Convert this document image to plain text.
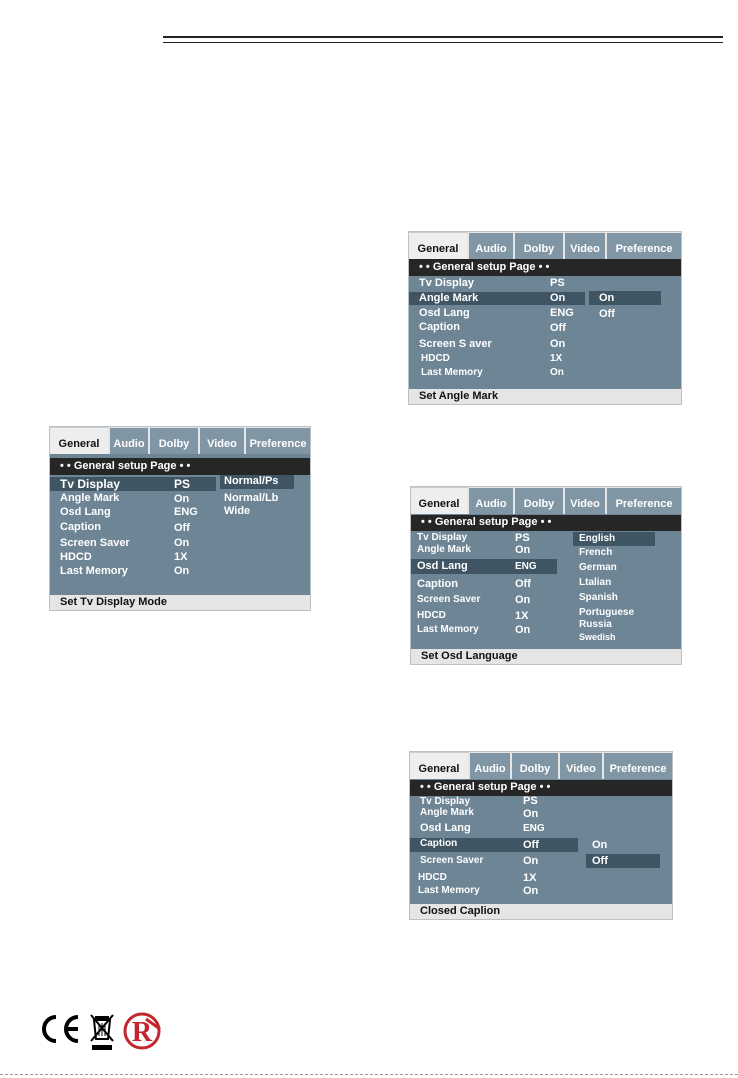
General	Audio	Dolby	Video	Preference
• • General setup Page • •
Tv Display	PS
Angle Mark	On
Osd Lang	ENG
Caption	Off
Screen Saver	On
HDCD	1X
Last Memory	On
Normal/Ps
Normal/Lb
Wide
Set Tv Display Mode
General	Audio	Dolby	Video	Preference
• • General setup Page • •
Tv Display	PS
Angle Mark	On
Osd Lang	ENG
Caption	Off
Screen S aver	On
HDCD	1X
Last Memory	On
On
Off
Set Angle Mark
General	Audio	Dolby	Video	Preference
• • General setup Page • •
Tv Display	PS
Angle Mark	On
Osd Lang	ENG
Caption	Off
Screen Saver	On
HDCD	1X
Last Memory	On
English
French
German
Ltalian
Spanish
Portuguese
Russia
Swedish
Set Osd Language
General	Audio	Dolby	Video	Preference
• • General setup Page • •
Tv Display	PS
Angle Mark	On
Osd Lang	ENG
Caption	Off
Screen Saver	On
HDCD	1X
Last Memory	On
On
Off
Closed Caplion
R
